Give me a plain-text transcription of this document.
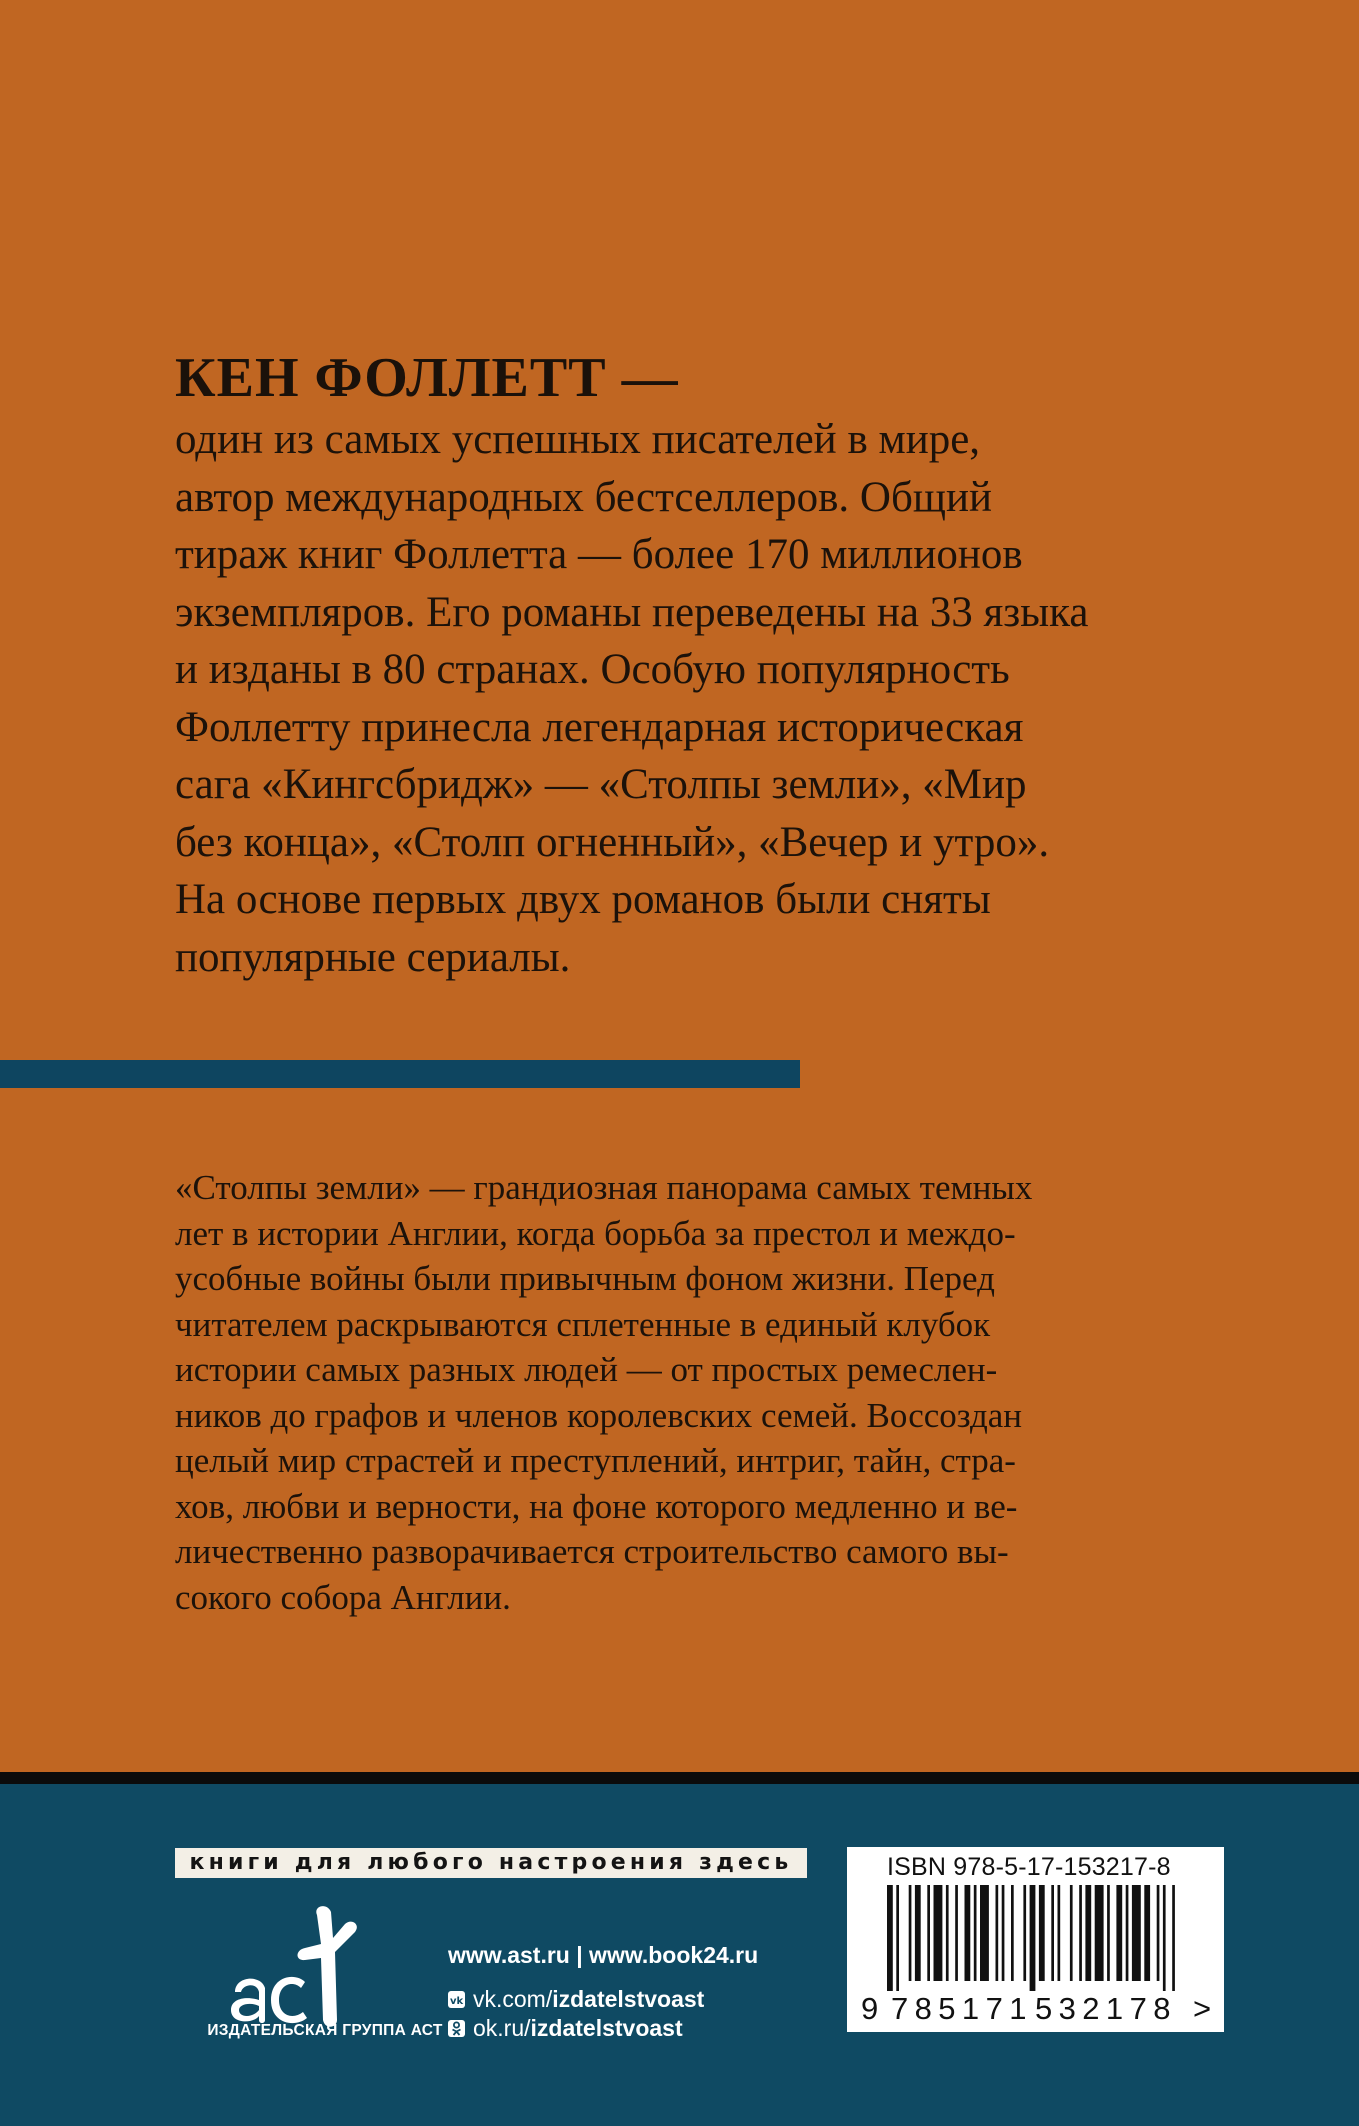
КЕН ФОЛЛЕТТ —

один из самых успешных писателей в мире,
автор международных бестселлеров. Общий
тираж книг Фоллетта — более 170 миллионов
экземпляров. Его романы переведены на 33 языка
и изданы в 80 странах. Особую популярность
Фоллетту принесла легендарная историческая
сага «Кингсбридж» — «Столпы земли», «Мир
без конца», «Столп огненный», «Вечер и утро».
На основе первых двух романов были сняты
популярные сериалы.

«Столпы земли» — грандиозная панорама самых темных
лет в истории Англии, когда борьба за престол и междо-
усобные войны были привычным фоном жизни. Перед
читателем раскрываются сплетенные в единый клубок
истории самых разных людей — от простых ремеслен-
ников до графов и членов королевских семей. Воссоздан
целый мир страстей и преступлений, интриг, тайн, стра-
хов, любви и верности, на фоне которого медленно и ве-
личественно разворачивается строительство самого вы-
сокого собора Англии.

книги для любого настроения здесь
ИЗДАТЕЛЬСКАЯ ГРУППА АСТ
www.ast.ru | www.book24.ru
vk vk.com/ izdatelstvoast
ok.ru/ izdatelstvoast
ISBN 978-5-17-153217-8
9 785171 532178 >
